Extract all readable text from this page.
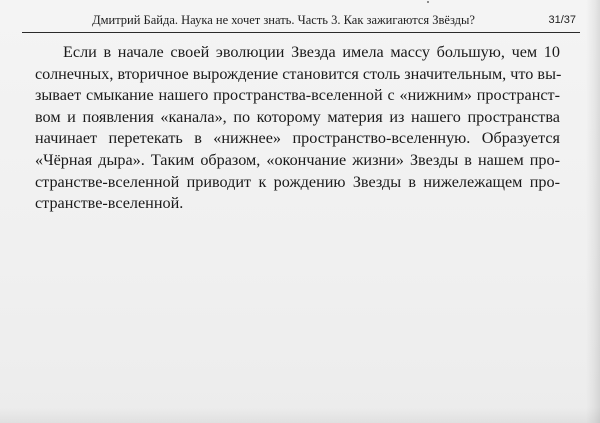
Дмитрий Байда. Наука не хочет знать. Часть 3. Как зажигаются Звёзды?	31/37
Если в начале своей эволюции Звезда имела массу большую, чем 10
солнечных, вторичное вырождение становится столь значительным, что вы-
зывает смыкание нашего пространства-вселенной с «нижним» пространст-
вом и появления «канала», по которому материя из нашего пространства
начинает перетекать в «нижнее» пространство-вселенную. Образуется
«Чёрная дыра». Таким образом, «окончание жизни» Звезды в нашем про-
странстве-вселенной приводит к рождению Звезды в нижележащем про-
странстве-вселенной.
